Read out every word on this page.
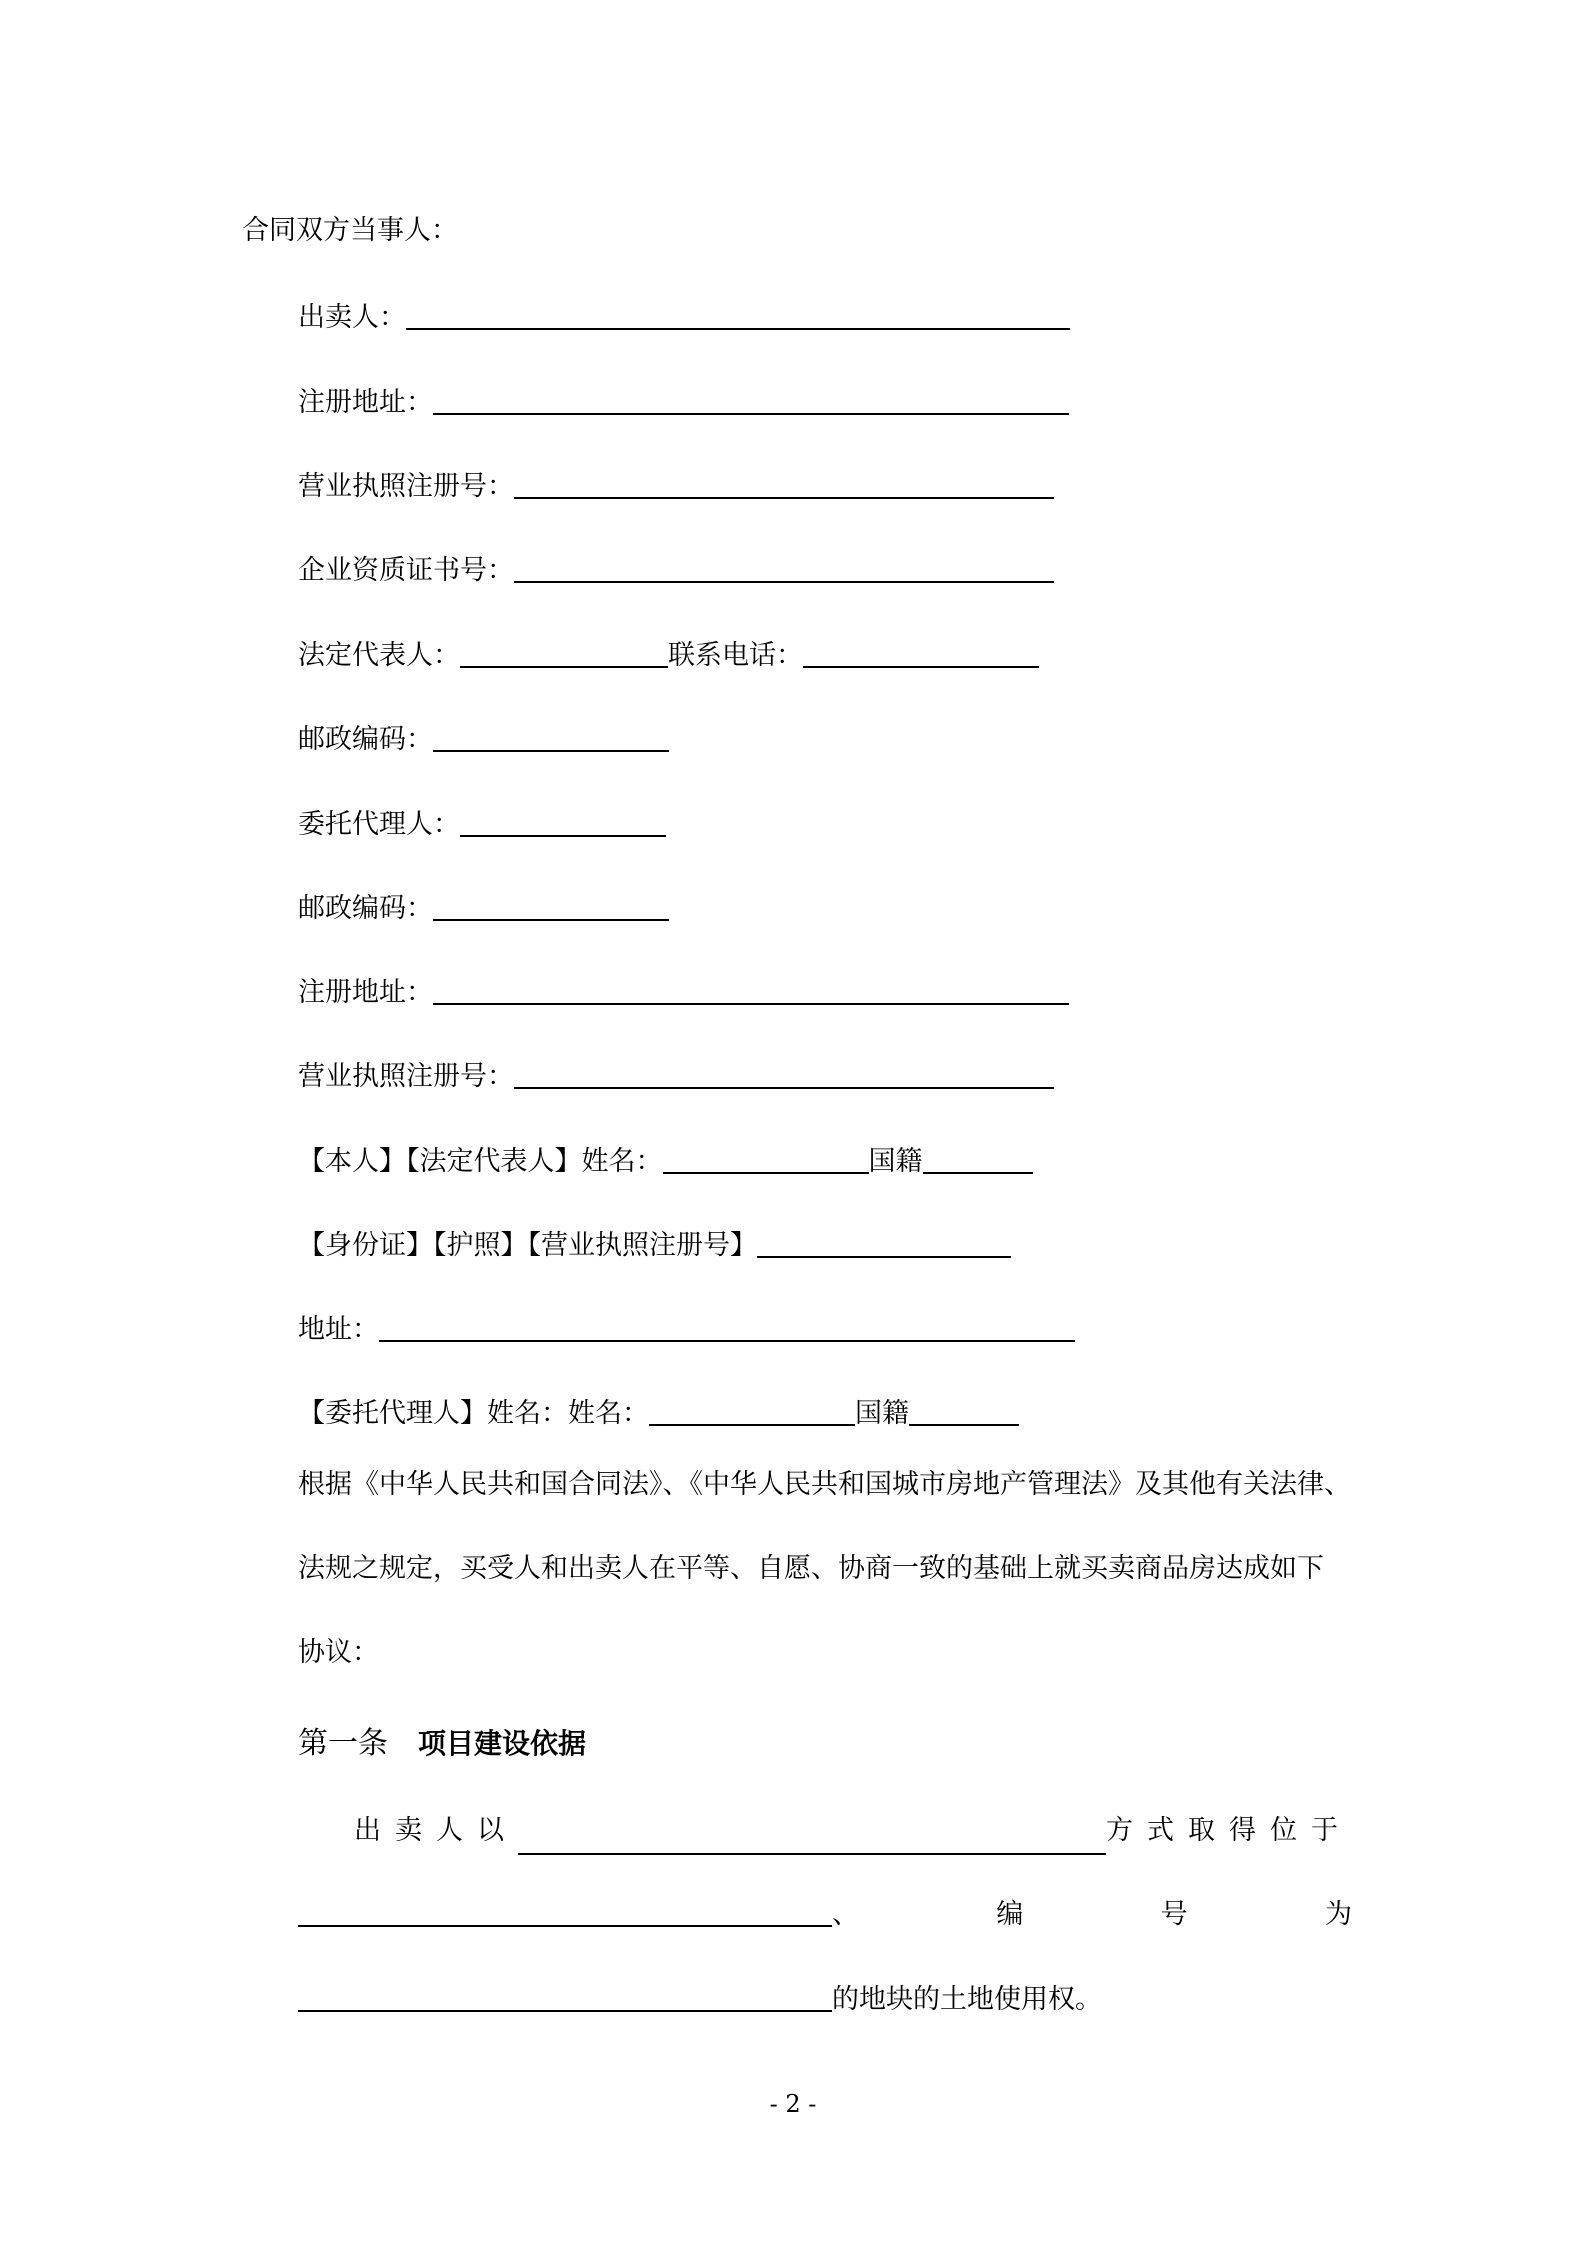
合同双方当事人：
出卖人：
注册地址：
营业执照注册号：
企业资质证书号：
法定代表人：	联系电话：
邮政编码：
委托代理人：
邮政编码：
注册地址：
营业执照注册号：
【本人】【法定代表人】姓名：	国籍
【身份证】【护照】【营业执照注册号】
地址：
【委托代理人】姓名：姓名：	国籍
根据《中华人民共和国合同法》、《中华人民共和国城市房地产管理法》及其他有关法律、
法规之规定，买受人和出卖人在平等、自愿、协商一致的基础上就买卖商品房达成如下
协议：
第一条 项目建设依据
出卖人以	方式取得位于
、	编	号	为
的地块的土地使用权。
- 2 -
